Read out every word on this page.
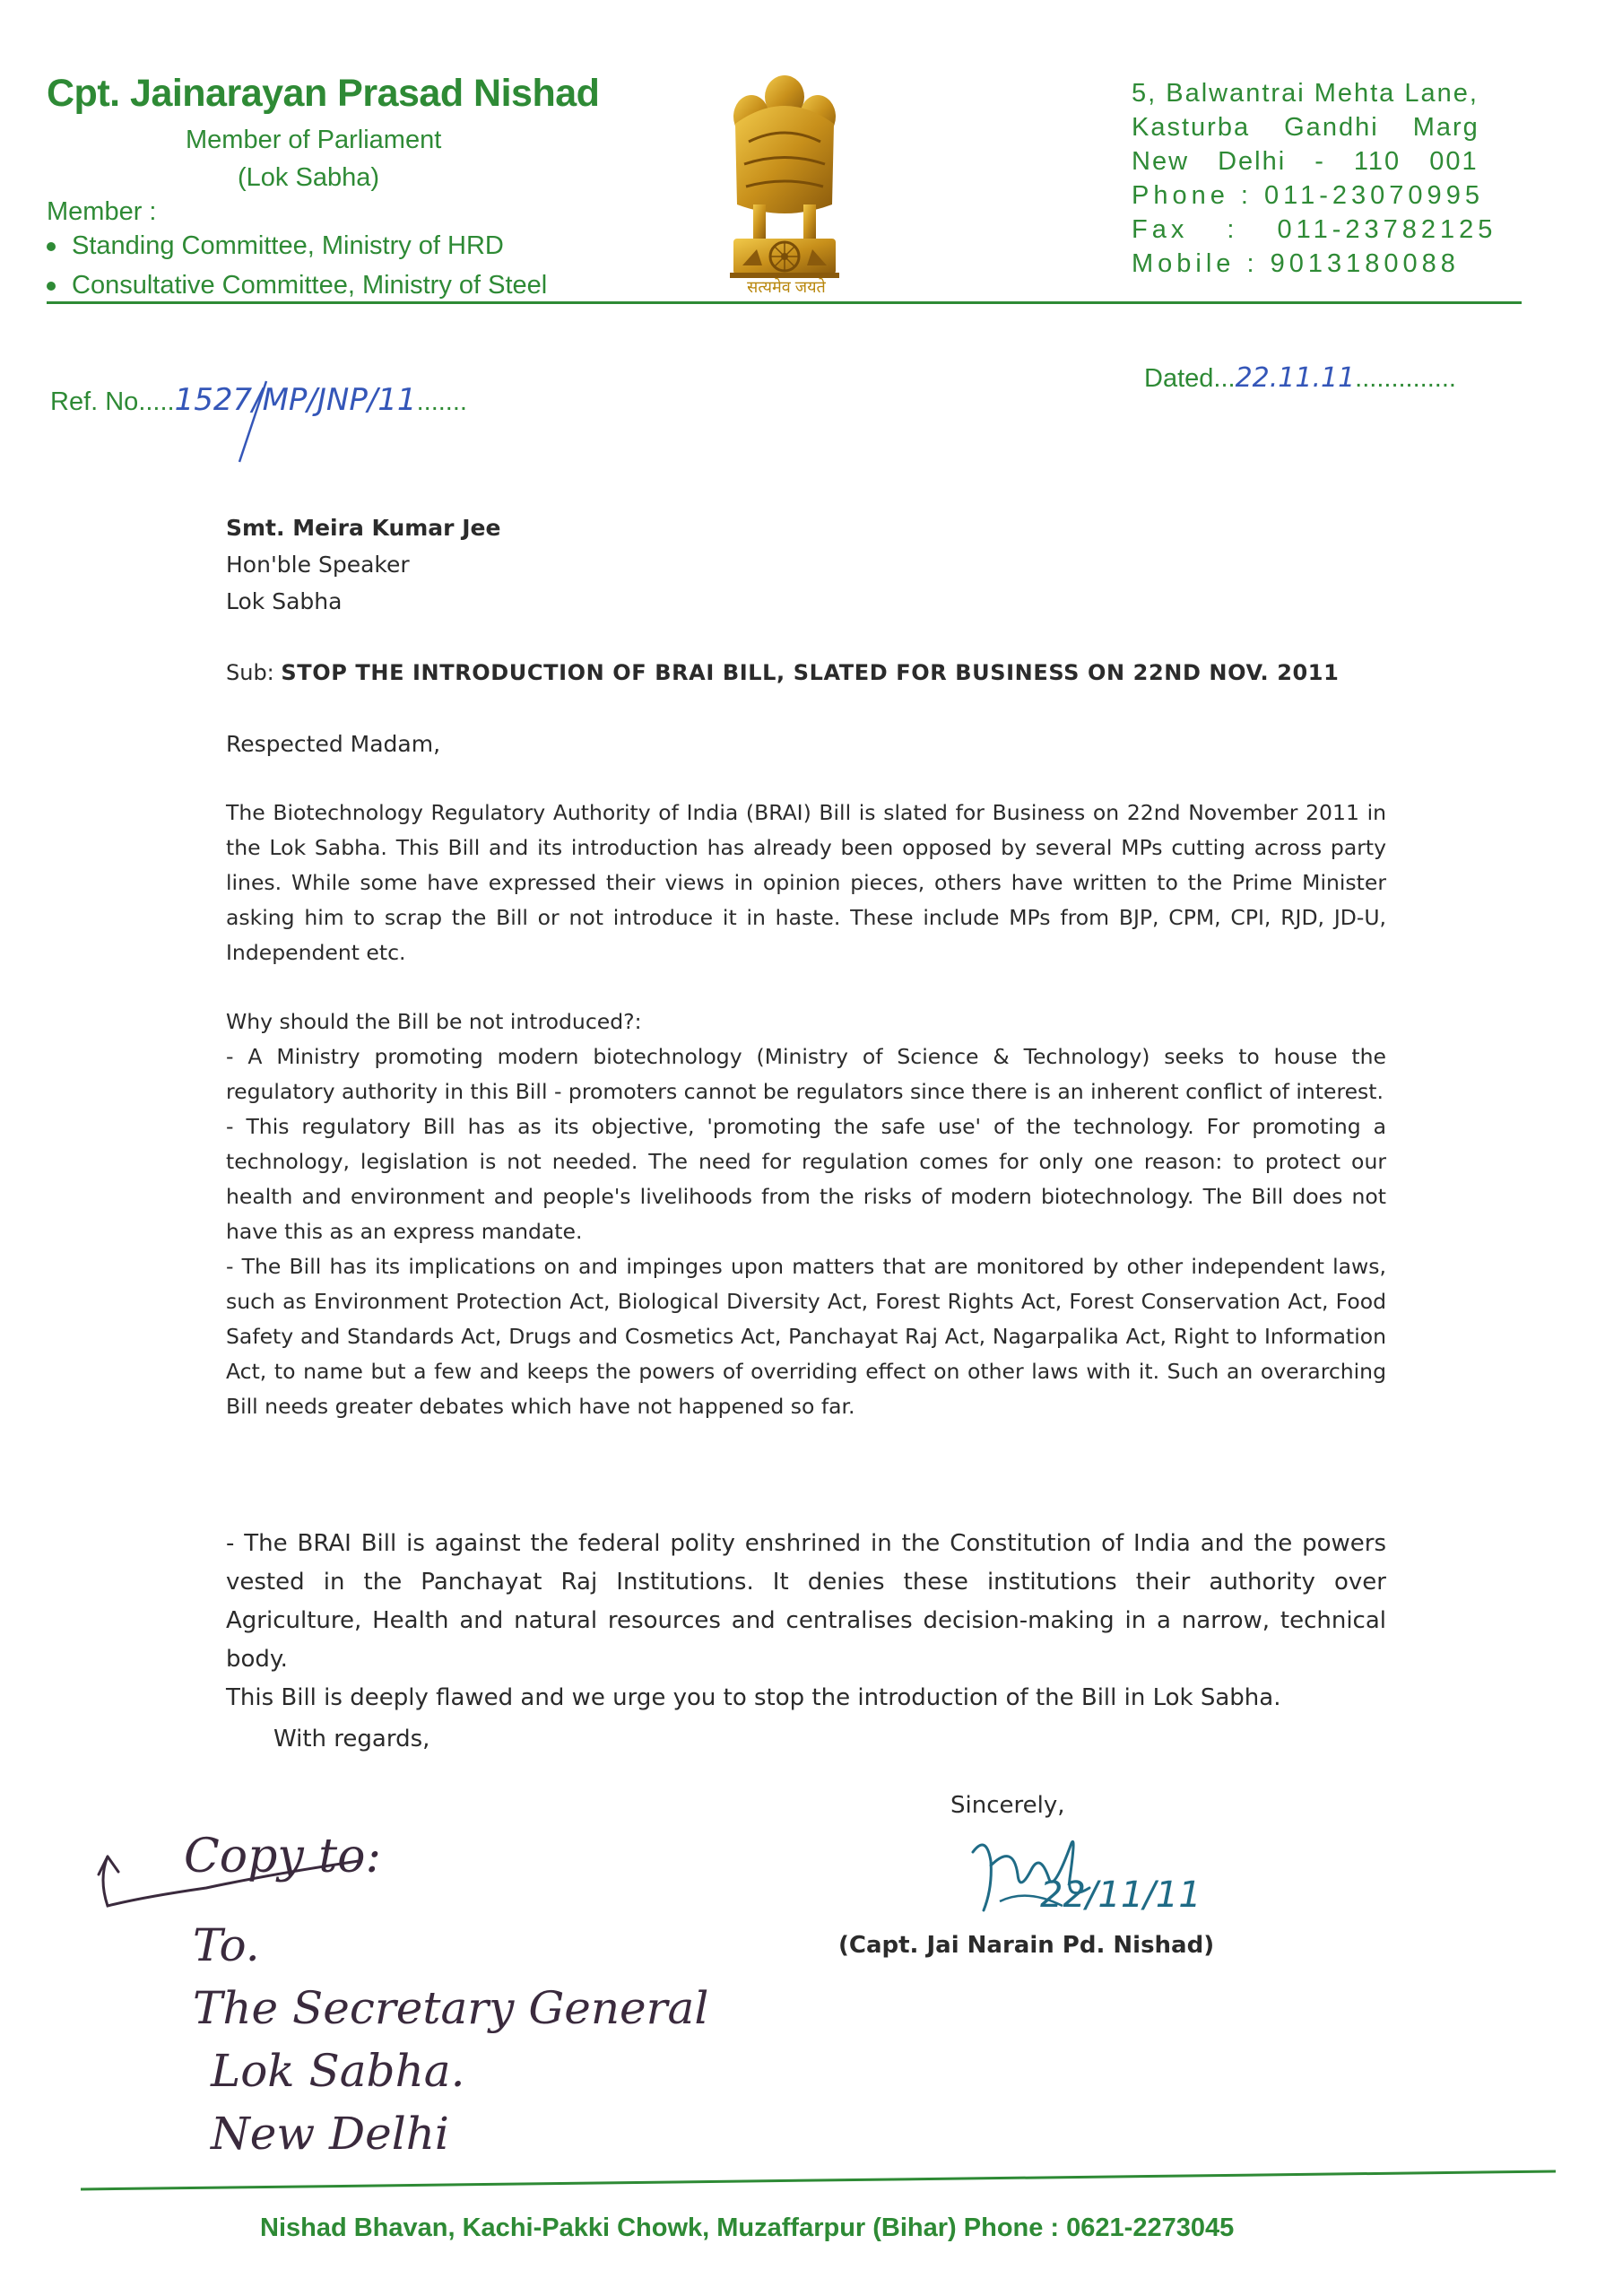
Cpt. Jainarayan Prasad Nishad
Member of Parliament
(Lok Sabha)
Member :
Standing Committee, Ministry of HRD
Consultative Committee, Ministry of Steel	सत्यमेव जयते
5, Balwantrai Mehta Lane,
Kasturba Gandhi Marg
New Delhi - 110 001
Phone : 011-23070995
Fax : 011-23782125
Mobile : 9013180088
Ref. No.....1527/MP/JNP/11.......
Dated...22.11.11..............
Smt. Meira Kumar Jee
Hon'ble Speaker
Lok Sabha
Sub: STOP THE INTRODUCTION OF BRAI BILL, SLATED FOR BUSINESS ON 22ND NOV. 2011
Respected Madam,

The Biotechnology Regulatory Authority of India (BRAI) Bill is slated for Business on 22nd November 2011 in the Lok Sabha. This Bill and its introduction has already been opposed by several MPs cutting across party lines. While some have expressed their views in opinion pieces, others have written to the Prime Minister asking him to scrap the Bill or not introduce it in haste. These include MPs from BJP, CPM, CPI, RJD, JD-U, Independent etc.

Why should the Bill be not introduced?:

- A Ministry promoting modern biotechnology (Ministry of Science & Technology) seeks to house the regulatory authority in this Bill - promoters cannot be regulators since there is an inherent conflict of interest.

- This regulatory Bill has as its objective, 'promoting the safe use' of the technology. For promoting a technology, legislation is not needed. The need for regulation comes for only one reason: to protect our health and environment and people's livelihoods from the risks of modern biotechnology. The Bill does not have this as an express mandate.

- The Bill has its implications on and impinges upon matters that are monitored by other independent laws, such as Environment Protection Act, Biological Diversity Act, Forest Rights Act, Forest Conservation Act, Food Safety and Standards Act, Drugs and Cosmetics Act, Panchayat Raj Act, Nagarpalika Act, Right to Information Act, to name but a few and keeps the powers of overriding effect on other laws with it. Such an overarching Bill needs greater debates which have not happened so far.

- The BRAI Bill is against the federal polity enshrined in the Constitution of India and the powers vested in the Panchayat Raj Institutions. It denies these institutions their authority over Agriculture, Health and natural resources and centralises decision-making in a narrow, technical body.

This Bill is deeply flawed and we urge you to stop the introduction of the Bill in Lok Sabha.

With regards,
Sincerely,
22/11/11
(Capt. Jai Narain Pd. Nishad)
Copy to:
To.
The Secretary General
Lok Sabha.
New Delhi
Nishad Bhavan, Kachi-Pakki Chowk, Muzaffarpur (Bihar) Phone : 0621-2273045
